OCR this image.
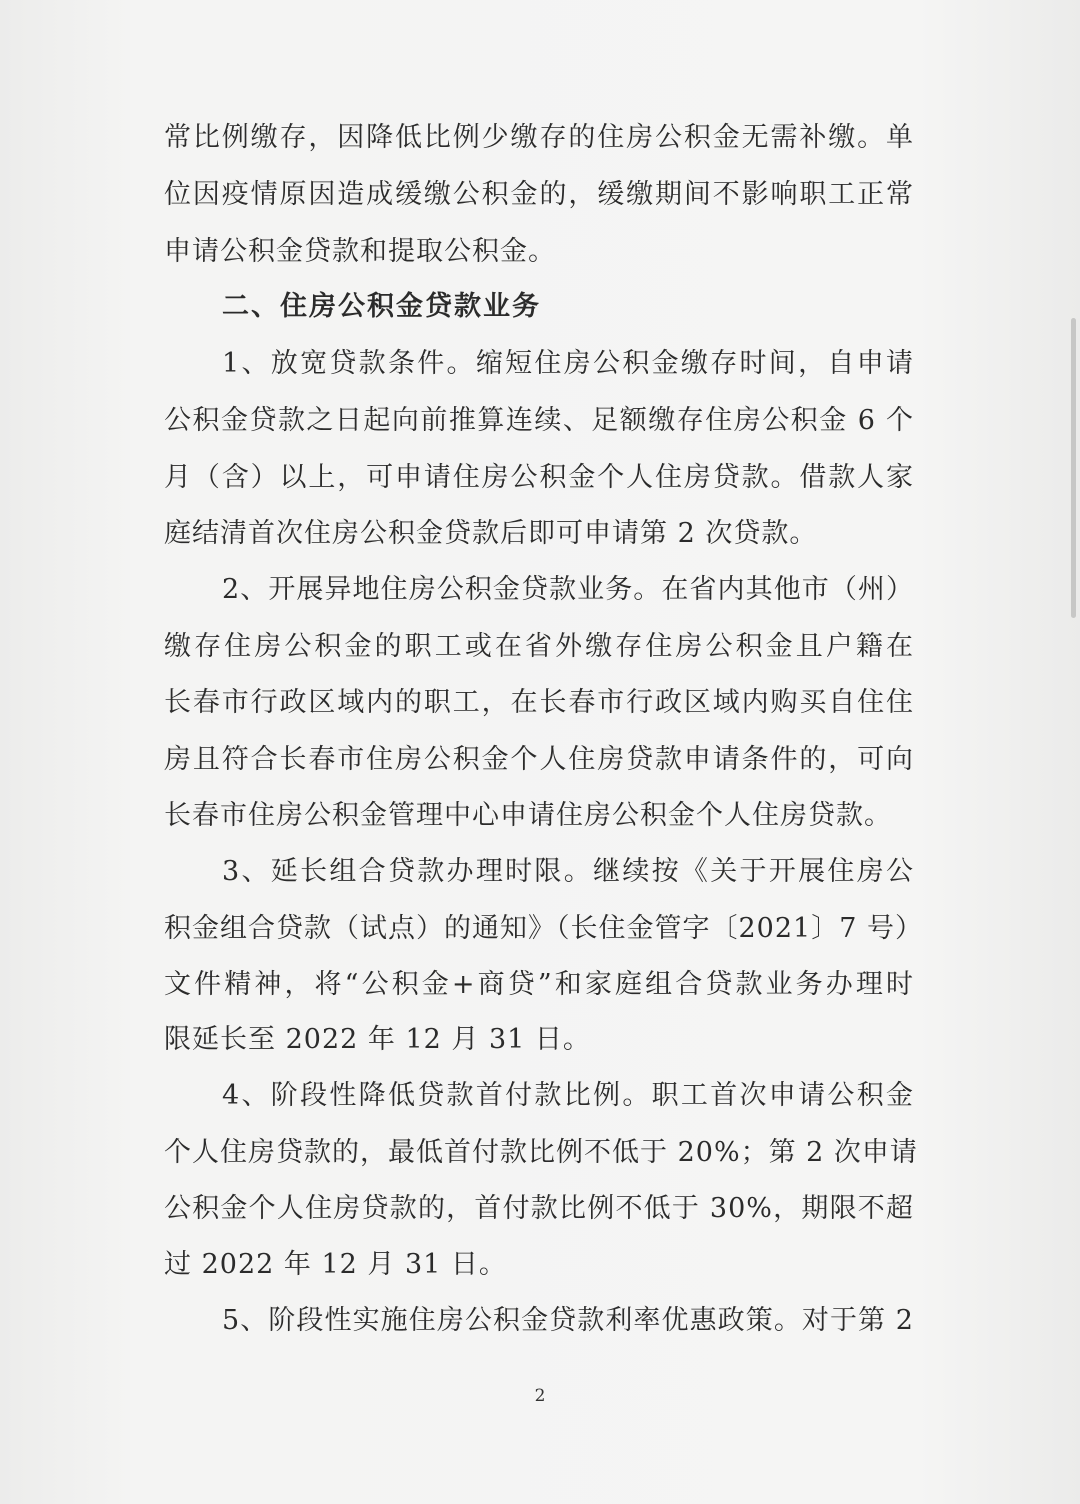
常比例缴存，因降低比例少缴存的住房公积金无需补缴。单
位因疫情原因造成缓缴公积金的，缓缴期间不影响职工正常
申请公积金贷款和提取公积金。
二、住房公积金贷款业务
1、放宽贷款条件。缩短住房公积金缴存时间，自申请
公积金贷款之日起向前推算连续、足额缴存住房公积金 6 个
月（含）以上，可申请住房公积金个人住房贷款。借款人家
庭结清首次住房公积金贷款后即可申请第 2 次贷款。
2、开展异地住房公积金贷款业务。在省内其他市（州）
缴存住房公积金的职工或在省外缴存住房公积金且户籍在
长春市行政区域内的职工，在长春市行政区域内购买自住住
房且符合长春市住房公积金个人住房贷款申请条件的，可向
长春市住房公积金管理中心申请住房公积金个人住房贷款。
3、延长组合贷款办理时限。继续按《关于开展住房公
积金组合贷款（试点）的通知》（长住金管字〔2021〕7 号）
文件精神，将“公积金+商贷”和家庭组合贷款业务办理时
限延长至 2022 年 12 月 31 日。
4、阶段性降低贷款首付款比例。职工首次申请公积金
个人住房贷款的，最低首付款比例不低于 20%；第 2 次申请
公积金个人住房贷款的，首付款比例不低于 30%，期限不超
过 2022 年 12 月 31 日。
5、阶段性实施住房公积金贷款利率优惠政策。对于第 2
2
